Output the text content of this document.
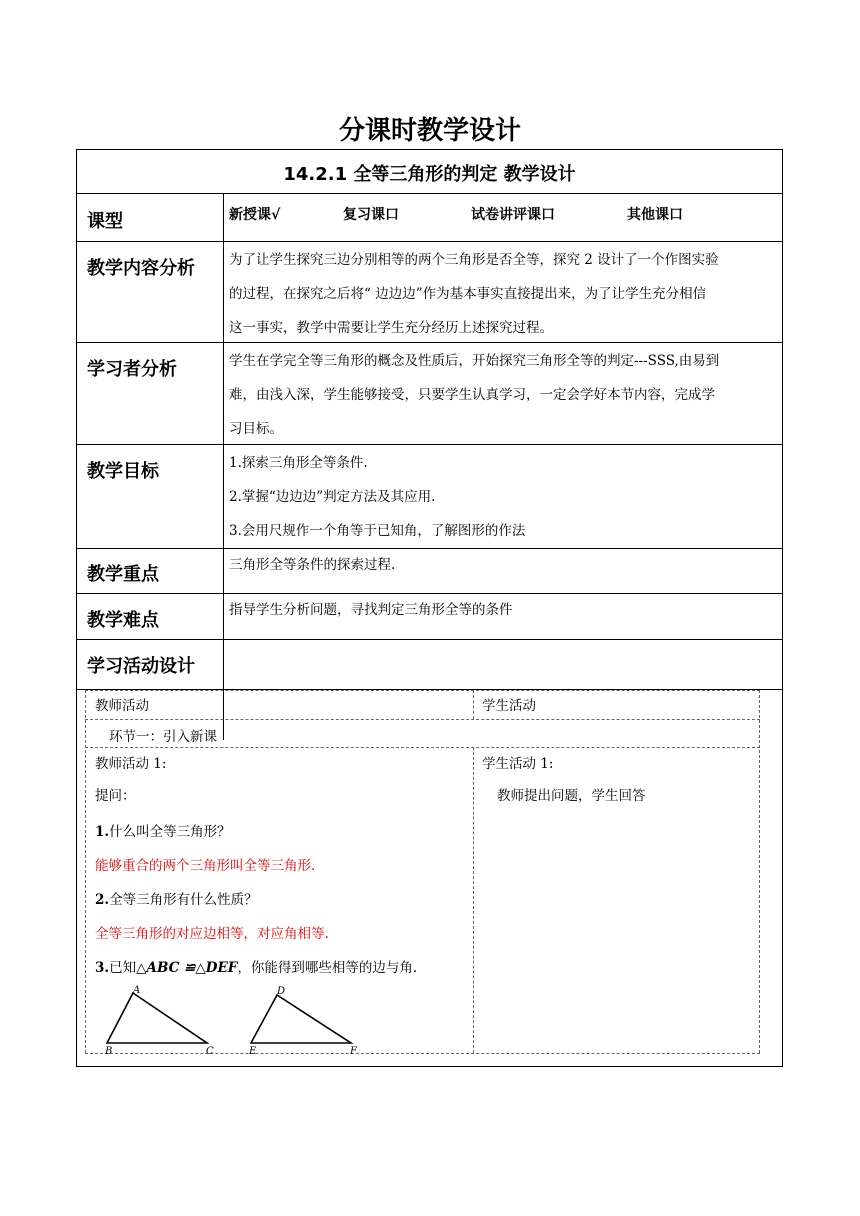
分课时教学设计
14.2.1 全等三角形的判定 教学设计
课型	新授课√	复习课口	试卷讲评课口	其他课口
教学内容分析	为了让学生探究三边分别相等的两个三角形是否全等，探究 2 设计了一个作图实验
的过程，在探究之后将“ 边边边”作为基本事实直接提出来，为了让学生充分相信
这一事实，教学中需要让学生充分经历上述探究过程。
学习者分析	学生在学完全等三角形的概念及性质后，开始探究三角形全等的判定---SSS,由易到
难，由浅入深，学生能够接受，只要学生认真学习，一定会学好本节内容，完成学
习目标。
教学目标	1.探索三角形全等条件.
2.掌握“边边边”判定方法及其应用.
3.会用尺规作一个角等于已知角，了解图形的作法
教学重点	三角形全等条件的探索过程.
教学难点	指导学生分析问题，寻找判定三角形全等的条件
学习活动设计
教师活动	学生活动
环节一：引入新课
教师活动 1:
提问：
1.什么叫全等三角形？
能够重合的两个三角形叫全等三角形.
2.全等三角形有什么性质？
全等三角形的对应边相等，对应角相等.
3.已知△ABC ≌△DEF，你能得到哪些相等的边与角.
A
B	C
D
E	F
学生活动 1:
教师提出问题，学生回答
